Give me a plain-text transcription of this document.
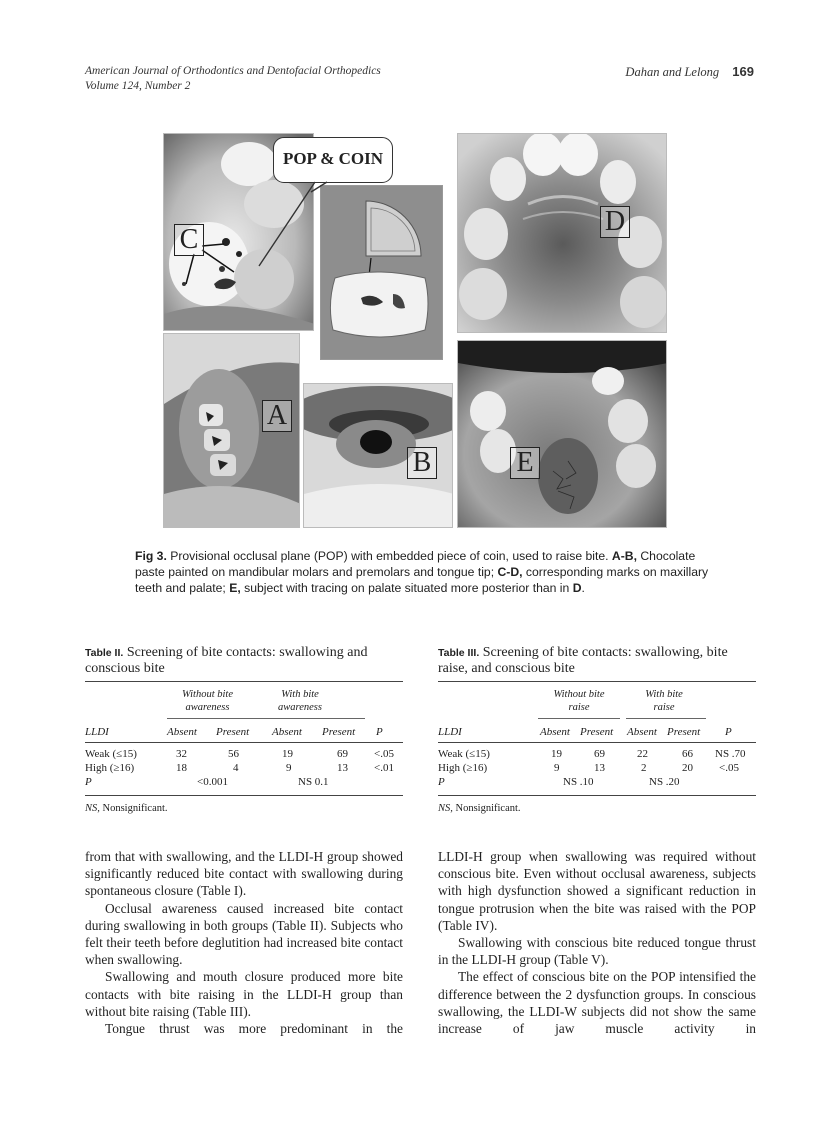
American Journal of Orthodontics and Dentofacial Orthopedics
Volume 124, Number 2
Dahan and Lelong 169
C
POP & COIN
D
A
B	E
Fig 3. Provisional occlusal plane (POP) with embedded piece of coin, used to raise bite. A-B, Chocolate paste painted on mandibular molars and premolars and tongue tip; C-D, corresponding marks on maxillary teeth and palate; E, subject with tracing on palate situated more posterior than in D.
Table II. Screening of bite contacts: swallowing and conscious bite
Without bite awareness
With bite awareness
LLDI	Absent Present Absent Present P
Weak (≤15)	32	56	19	69 <.05
High (≥16)	18	4	9	13 <.01
P	<0.001	NS 0.1
NS, Nonsignificant.
Table III. Screening of bite contacts: swallowing, bite raise, and conscious bite
Without bite raise
With bite raise
LLDI	Absent Present Absent Present P
Weak (≤15)	19	69	22	66 NS .70
High (≥16)	9	13	2	20 <.05
P	NS .10	NS .20
NS, Nonsignificant.

from that with swallowing, and the LLDI-H group showed significantly reduced bite contact with swallowing during spontaneous closure (Table I).

Occlusal awareness caused increased bite contact during swallowing in both groups (Table II). Subjects who felt their teeth before deglutition had increased bite contact when swallowing.

Swallowing and mouth closure produced more bite contacts with bite raising in the LLDI-H group than without bite raising (Table III).

Tongue thrust was more predominant in the

LLDI-H group when swallowing was required without conscious bite. Even without occlusal awareness, subjects with high dysfunction showed a significant reduction in tongue protrusion when the bite was raised with the POP (Table IV).

Swallowing with conscious bite reduced tongue thrust in the LLDI-H group (Table V).

The effect of conscious bite on the POP intensified the difference between the 2 dysfunction groups. In conscious swallowing, the LLDI-W subjects did not show the same increase of jaw muscle activity in
